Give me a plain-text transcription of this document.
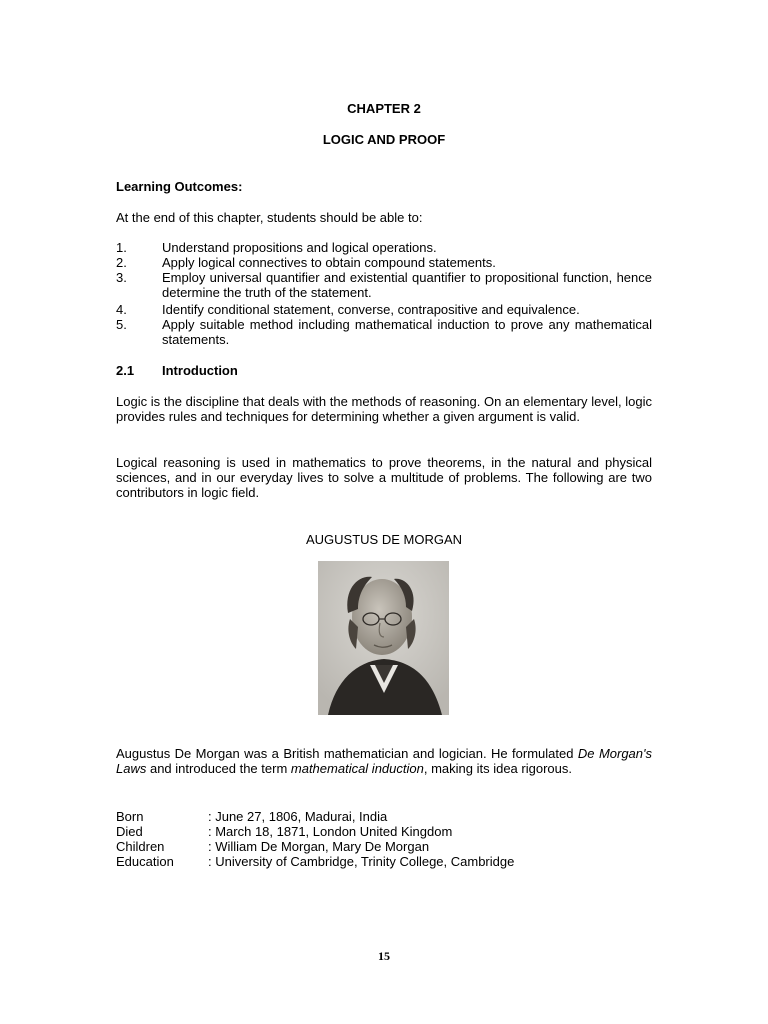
CHAPTER 2
LOGIC AND PROOF
Learning Outcomes:
At the end of this chapter, students should be able to:
1.	Understand propositions and logical operations.
2.	Apply logical connectives to obtain compound statements.
3.	Employ universal quantifier and existential quantifier to propositional function, hence determine the truth of the statement.
4.	Identify conditional statement, converse, contrapositive and equivalence.
5.	Apply suitable method including mathematical induction to prove any mathematical statements.
2.1 Introduction
Logic is the discipline that deals with the methods of reasoning. On an elementary level, logic provides rules and techniques for determining whether a given argument is valid.
Logical reasoning is used in mathematics to prove theorems, in the natural and physical sciences, and in our everyday lives to solve a multitude of problems. The following are two contributors in logic field.
AUGUSTUS DE MORGAN
Augustus De Morgan was a British mathematician and logician. He formulated De Morgan's Laws and introduced the term mathematical induction, making its idea rigorous.
Born	: June 27, 1806, Madurai, India
Died	: March 18, 1871, London United Kingdom
Children	: William De Morgan, Mary De Morgan
Education	: University of Cambridge, Trinity College, Cambridge
15
